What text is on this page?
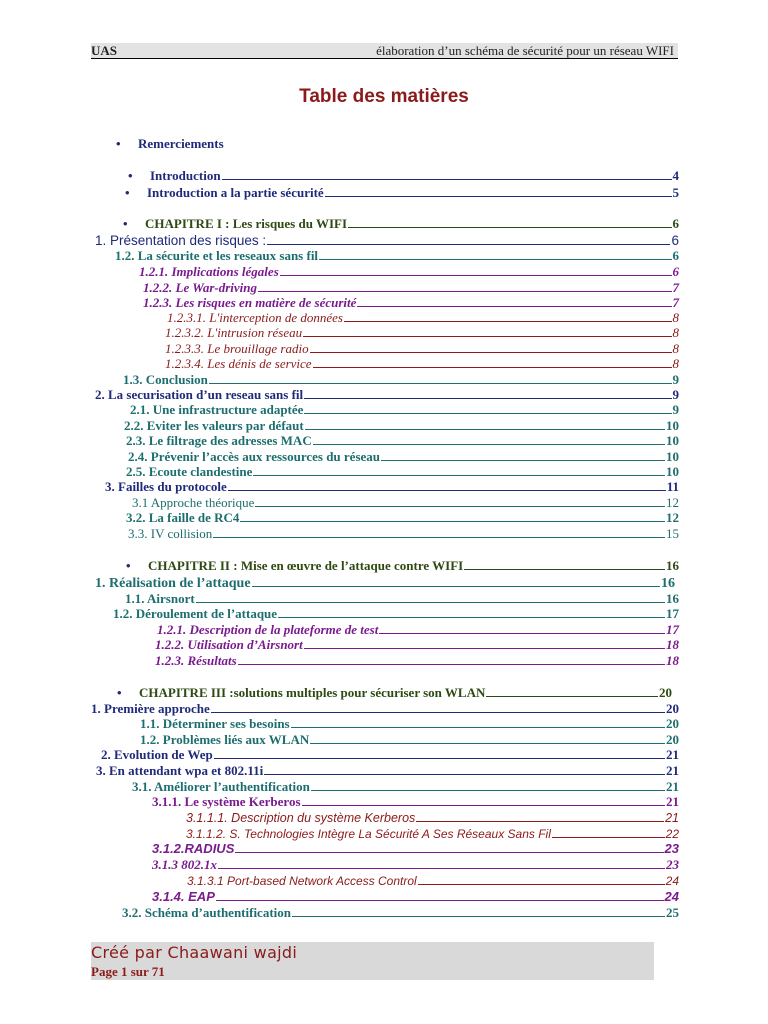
UAS	élaboration d’un schéma de sécurité pour un réseau WIFI
Table des matières
• Remerciements
• Introduction	4
• Introduction a la partie sécurité	5
• CHAPITRE I : Les risques du WIFI	6
1. Présentation des risques :	6
1.2. La sécurite et les reseaux sans fil	6
1.2.1. Implications légales	6
1.2.2. Le War-driving	7
1.2.3. Les risques en matière de sécurité	7
1.2.3.1. L'interception de données	8
1.2.3.2. L'intrusion réseau	8
1.2.3.3. Le brouillage radio	8
1.2.3.4. Les dénis de service	8
1.3. Conclusion	9
2. La securisation d’un reseau sans fil	9
2.1. Une infrastructure adaptée	9
2.2. Eviter les valeurs par défaut	10
2.3. Le filtrage des adresses MAC	10
2.4. Prévenir l’accès aux ressources du réseau	10
2.5. Ecoute clandestine	10
3. Failles du protocole	11
3.1 Approche théorique	12
3.2. La faille de RC4	12
3.3. IV collision	15
• CHAPITRE II : Mise en œuvre de l’attaque contre WIFI	16
1. Réalisation de l’attaque	16
1.1. Airsnort	16
1.2. Déroulement de l’attaque	17
1.2.1. Description de la plateforme de test	17
1.2.2. Utilisation d’Airsnort	18
1.2.3. Résultats	18
• CHAPITRE III :solutions multiples pour sécuriser son WLAN	20
1. Première approche	20
1.1. Déterminer ses besoins	20
1.2. Problèmes liés aux WLAN	20
2. Evolution de Wep	21
3. En attendant wpa et 802.11i	21
3.1. Améliorer l’authentification	21
3.1.1. Le système Kerberos	21
3.1.1.1. Description du système Kerberos	21
3.1.1.2. S. Technologies Intègre La Sécurité A Ses Réseaux Sans Fil	22
3.1.2.RADIUS	23
3.1.3 802.1x	23
3.1.3.1 Port-based Network Access Control	24
3.1.4. EAP	24
3.2. Schéma d’authentification	25
Créé par Chaawani wajdi
Page 1 sur 71
